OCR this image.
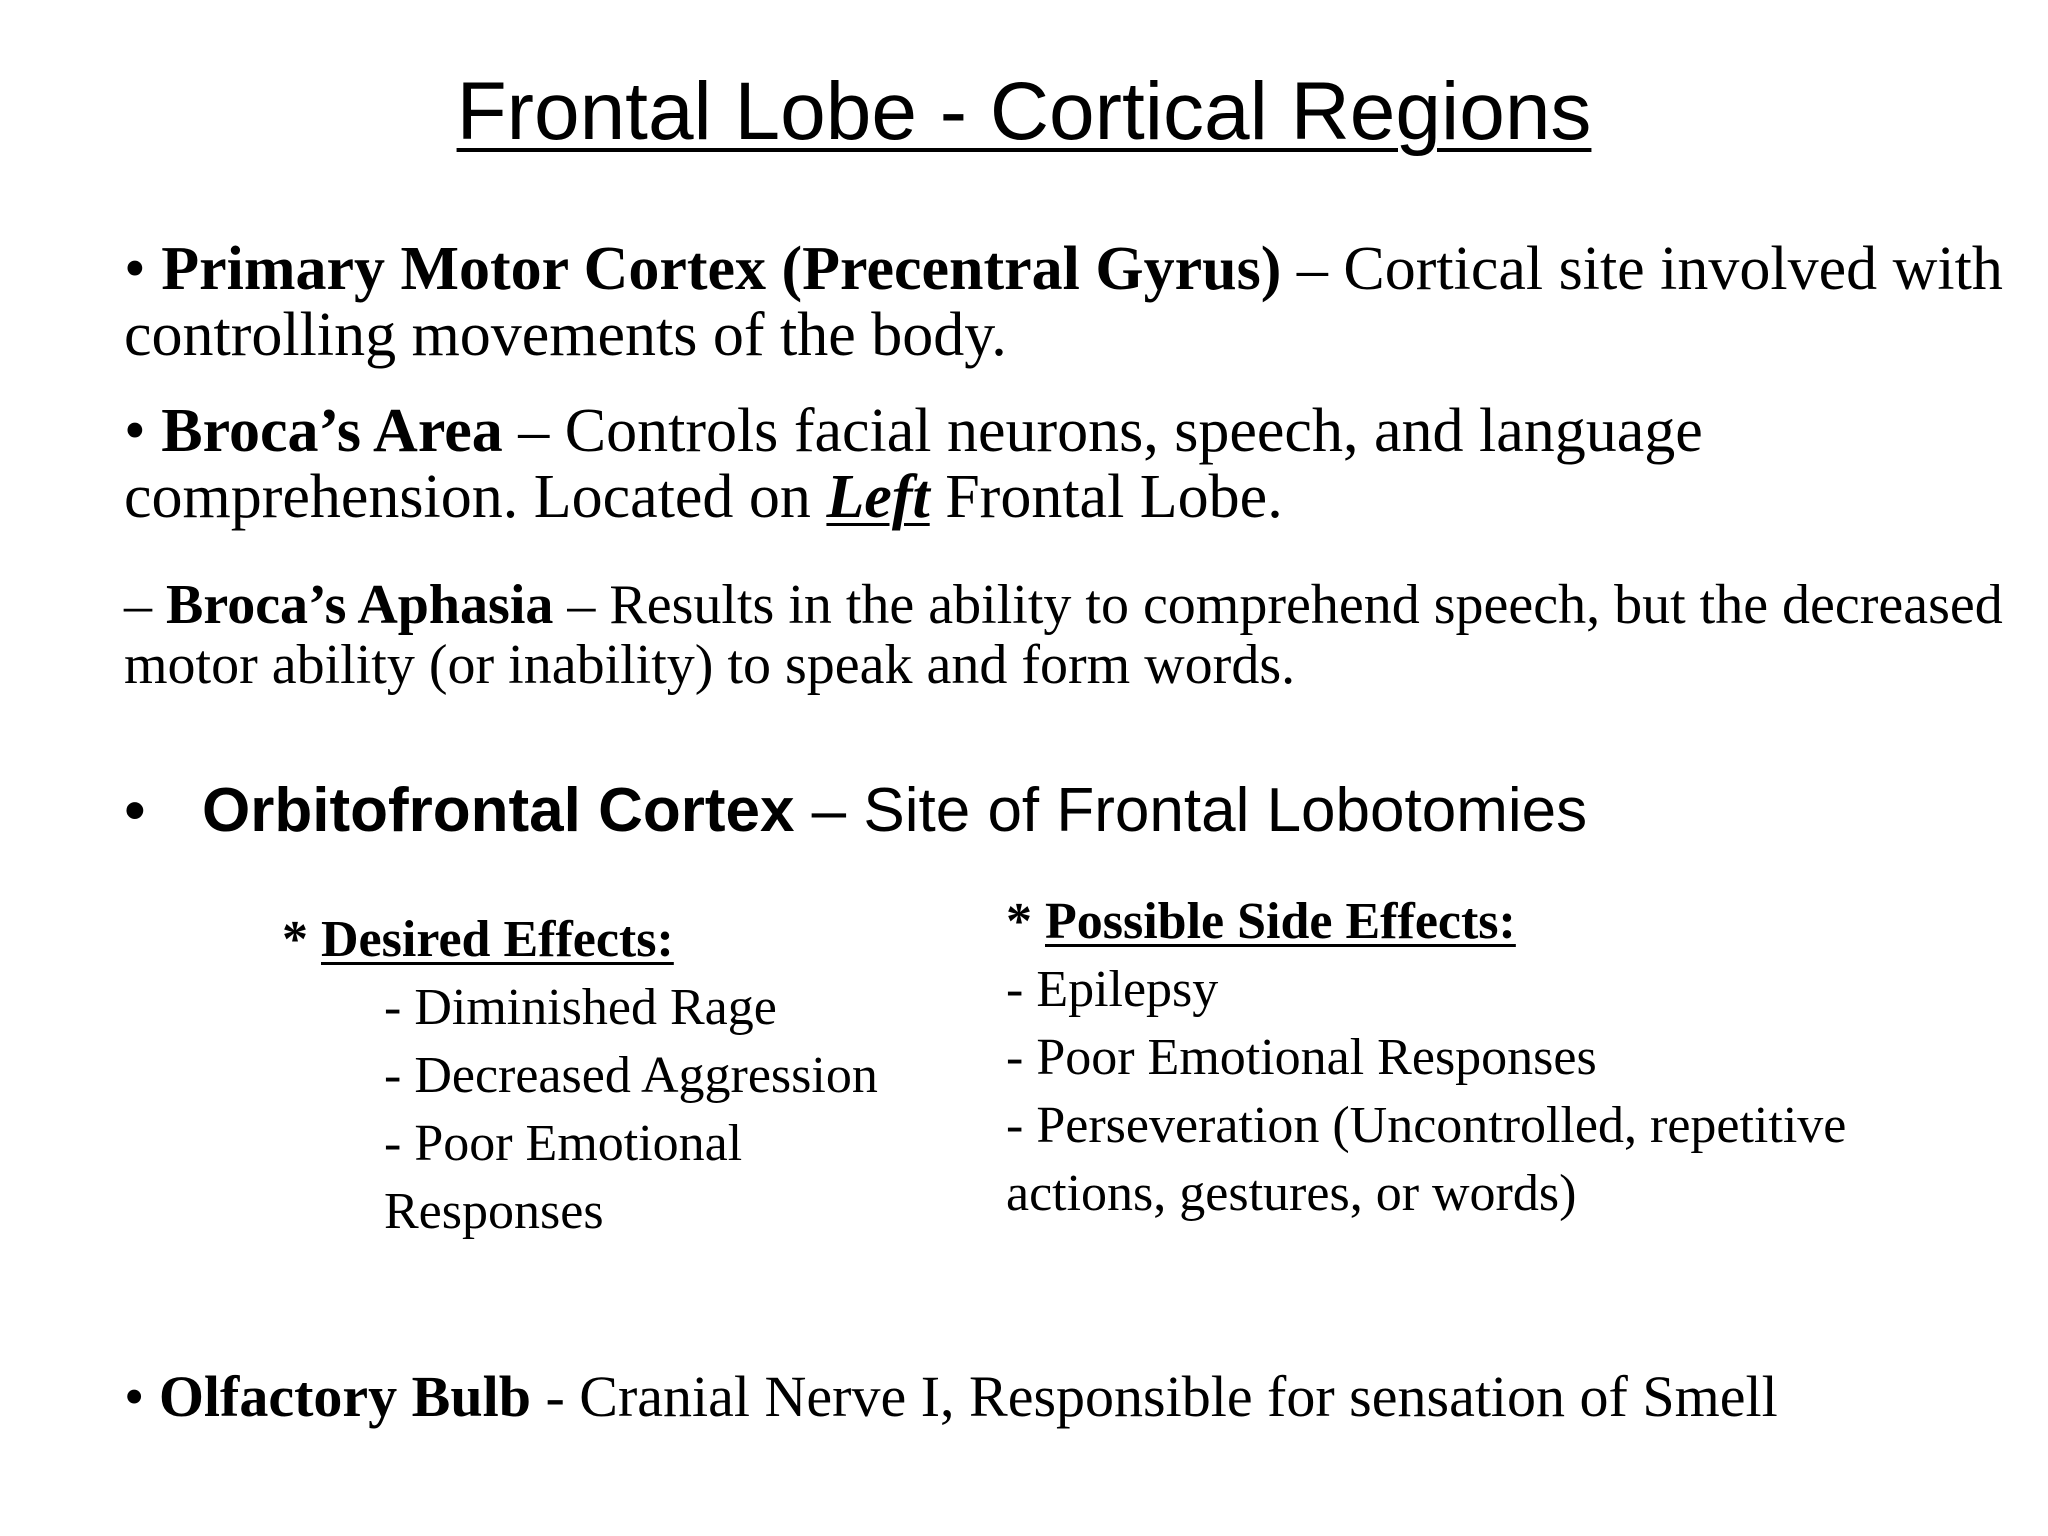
Frontal Lobe - Cortical Regions

• Primary Motor Cortex (Precentral Gyrus) – Cortical site involved with controlling movements of the body.

• Broca’s Area – Controls facial neurons, speech, and language comprehension. Located on Left Frontal Lobe.

– Broca’s Aphasia – Results in the ability to comprehend speech, but the decreased motor ability (or inability) to speak and form words.

• Orbitofrontal Cortex – Site of Frontal Lobotomies

* Desired Effects:
- Diminished Rage
- Decreased Aggression
- Poor Emotional Responses
* Possible Side Effects:
- Epilepsy
- Poor Emotional Responses
- Perseveration (Uncontrolled, repetitive actions, gestures, or words)

• Olfactory Bulb - Cranial Nerve I, Responsible for sensation of Smell
